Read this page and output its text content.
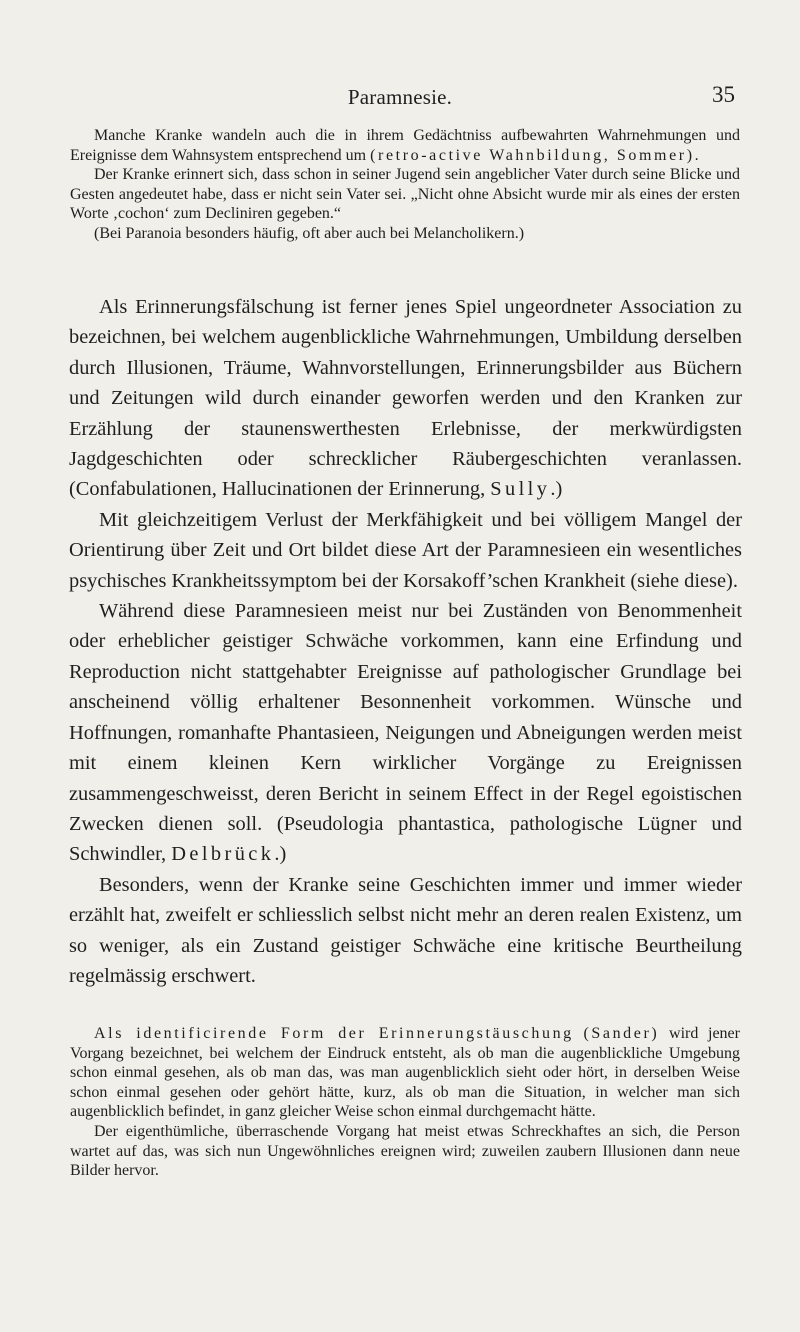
Paramnesie.	35

Manche Kranke wandeln auch die in ihrem Gedächtniss aufbewahrten Wahrnehmungen und Ereignisse dem Wahnsystem entsprechend um (retro-active Wahnbildung, Sommer).

Der Kranke erinnert sich, dass schon in seiner Jugend sein angeblicher Vater durch seine Blicke und Gesten angedeutet habe, dass er nicht sein Vater sei. „Nicht ohne Absicht wurde mir als eines der ersten Worte ‚cochon‘ zum Decliniren gegeben.“

(Bei Paranoia besonders häufig, oft aber auch bei Melancholikern.)

Als Erinnerungsfälschung ist ferner jenes Spiel ungeordneter Association zu bezeichnen, bei welchem augenblickliche Wahrnehmungen, Umbildung derselben durch Illusionen, Träume, Wahnvorstellungen, Erinnerungsbilder aus Büchern und Zeitungen wild durch einander geworfen werden und den Kranken zur Erzählung der staunenswerthesten Erlebnisse, der merkwürdigsten Jagdgeschichten oder schrecklicher Räubergeschichten veranlassen. (Confabulationen, Hallucinationen der Erinnerung, Sully.)

Mit gleichzeitigem Verlust der Merkfähigkeit und bei völligem Mangel der Orientirung über Zeit und Ort bildet diese Art der Paramnesieen ein wesentliches psychisches Krankheitssymptom bei der Korsakoff’schen Krankheit (siehe diese).

Während diese Paramnesieen meist nur bei Zuständen von Benommenheit oder erheblicher geistiger Schwäche vorkommen, kann eine Erfindung und Reproduction nicht stattgehabter Ereignisse auf pathologischer Grundlage bei anscheinend völlig erhaltener Besonnenheit vorkommen. Wünsche und Hoffnungen, romanhafte Phantasieen, Neigungen und Abneigungen werden meist mit einem kleinen Kern wirklicher Vorgänge zu Ereignissen zusammengeschweisst, deren Bericht in seinem Effect in der Regel egoistischen Zwecken dienen soll. (Pseudologia phantastica, pathologische Lügner und Schwindler, Delbrück.)

Besonders, wenn der Kranke seine Geschichten immer und immer wieder erzählt hat, zweifelt er schliesslich selbst nicht mehr an deren realen Existenz, um so weniger, als ein Zustand geistiger Schwäche eine kritische Beurtheilung regelmässig erschwert.

Als identificirende Form der Erinnerungstäuschung (Sander) wird jener Vorgang bezeichnet, bei welchem der Eindruck entsteht, als ob man die augenblickliche Umgebung schon einmal gesehen, als ob man das, was man augenblicklich sieht oder hört, in derselben Weise schon einmal gesehen oder gehört hätte, kurz, als ob man die Situation, in welcher man sich augenblicklich befindet, in ganz gleicher Weise schon einmal durchgemacht hätte.

Der eigenthümliche, überraschende Vorgang hat meist etwas Schreckhaftes an sich, die Person wartet auf das, was sich nun Ungewöhnliches ereignen wird; zuweilen zaubern Illusionen dann neue Bilder hervor.
